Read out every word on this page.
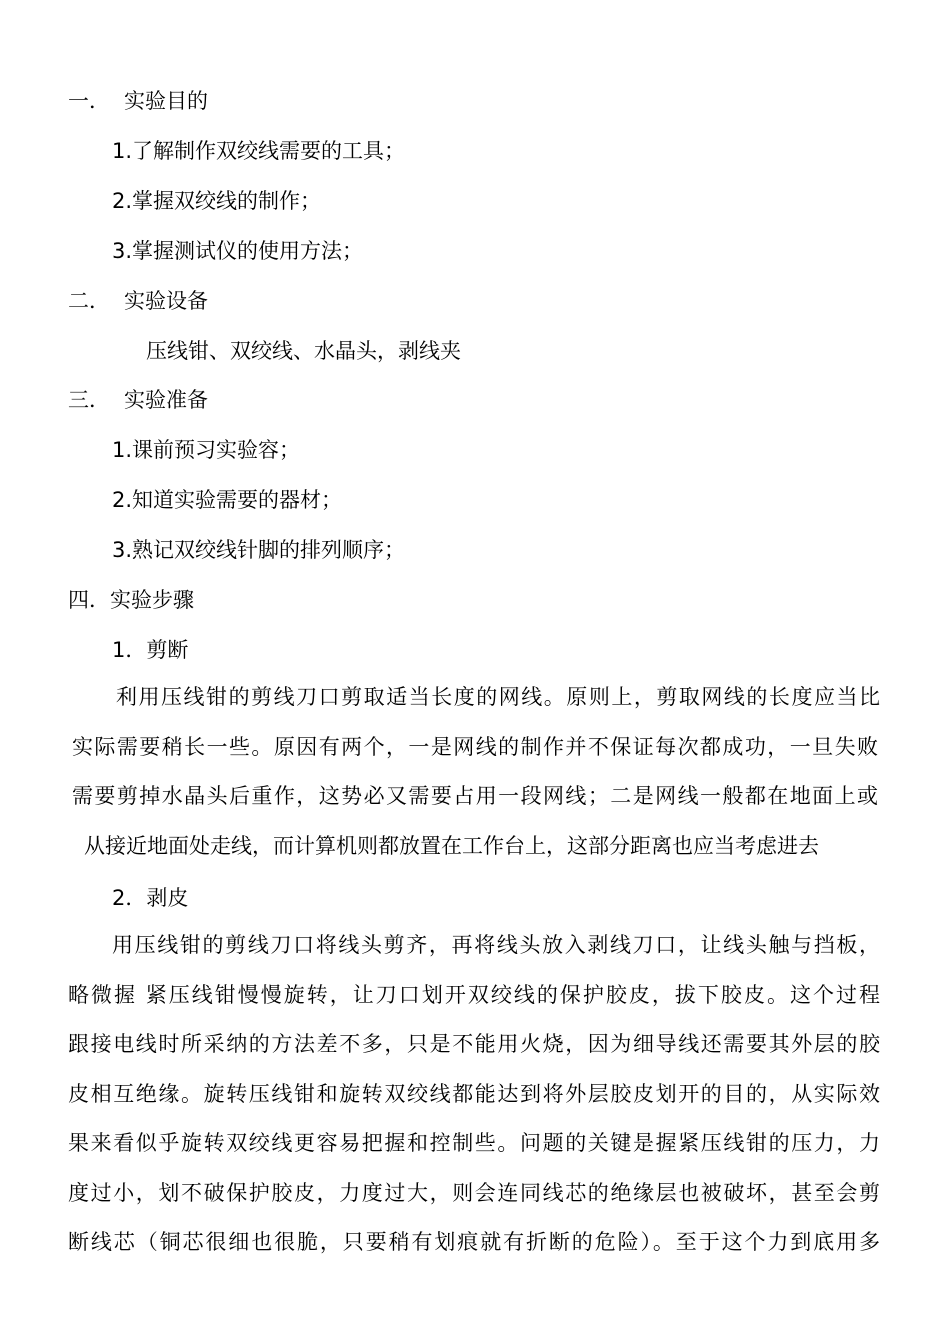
一． 实验目的
1.了解制作双绞线需要的工具；
2.掌握双绞线的制作；
3.掌握测试仪的使用方法；
二． 实验设备
压线钳、双绞线、水晶头，剥线夹
三． 实验准备
1.课前预习实验容；
2.知道实验需要的器材；
3.熟记双绞线针脚的排列顺序；
四．实验步骤
1．剪断
利用压线钳的剪线刀口剪取适当长度的网线。原则上，剪取网线的长度应当比
实际需要稍长一些。原因有两个，一是网线的制作并不保证每次都成功，一旦失败
需要剪掉水晶头后重作，这势必又需要占用一段网线；二是网线一般都在地面上或
从接近地面处走线，而计算机则都放置在工作台上，这部分距离也应当考虑进去
2．剥皮
用压线钳的剪线刀口将线头剪齐，再将线头放入剥线刀口，让线头触与挡板，
略微握 紧压线钳慢慢旋转，让刀口划开双绞线的保护胶皮，拔下胶皮。这个过程
跟接电线时所采纳的方法差不多，只是不能用火烧，因为细导线还需要其外层的胶
皮相互绝缘。旋转压线钳和旋转双绞线都能达到将外层胶皮划开的目的，从实际效
果来看似乎旋转双绞线更容易把握和控制些。问题的关键是握紧压线钳的压力，力
度过小，划不破保护胶皮，力度过大，则会连同线芯的绝缘层也被破坏，甚至会剪
断线芯（铜芯很细也很脆，只要稍有划痕就有折断的危险）。至于这个力到底用多
